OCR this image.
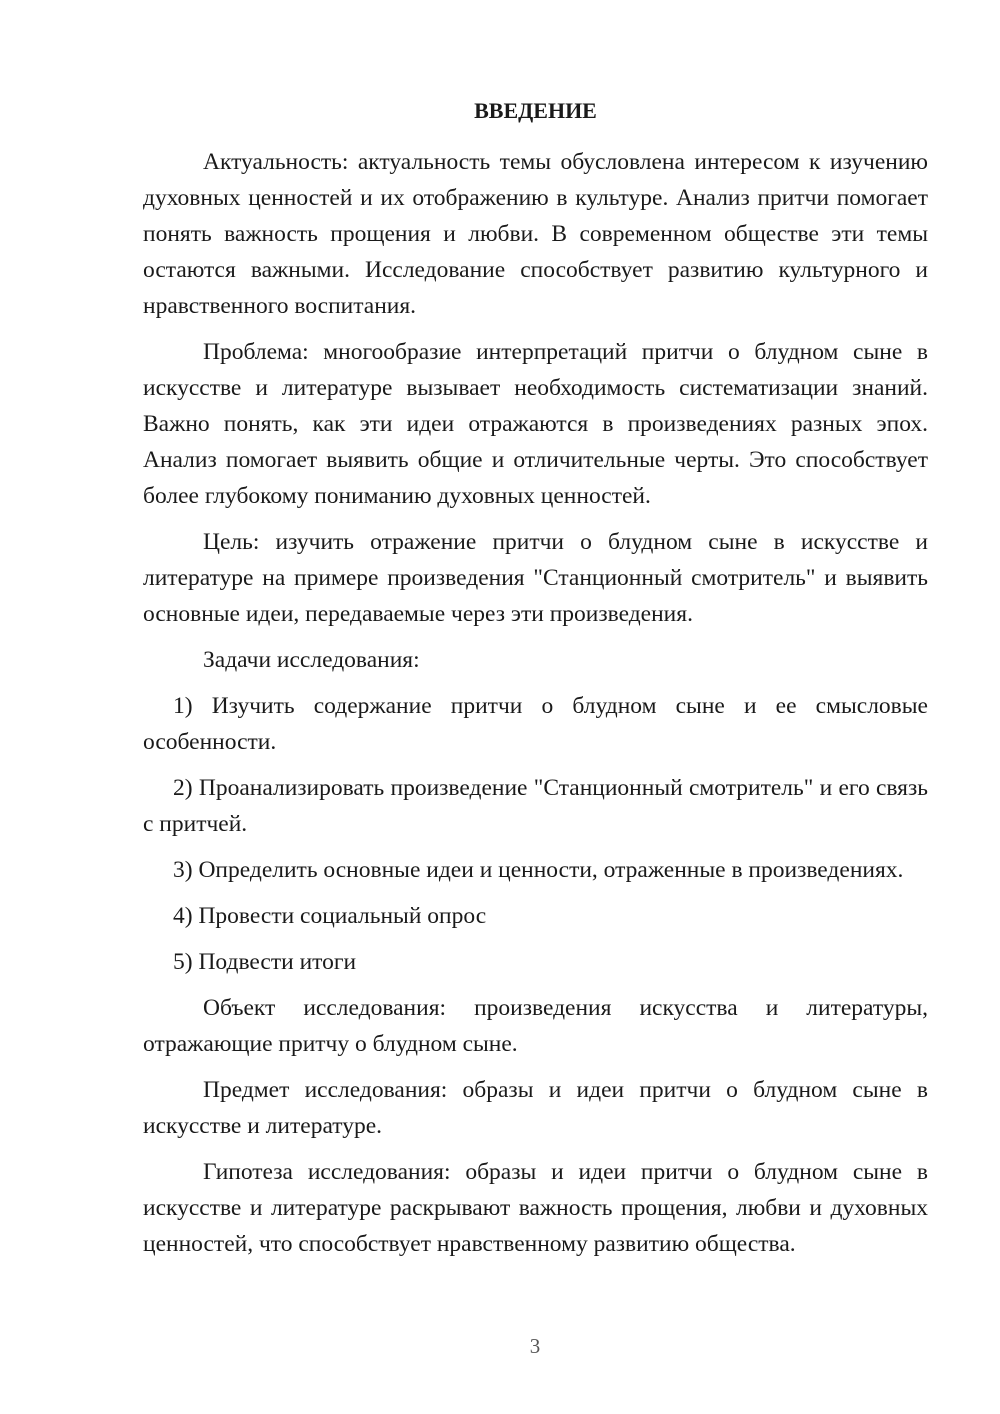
ВВЕДЕНИЕ

Актуальность: актуальность темы обусловлена интересом к изучению духовных ценностей и их отображению в культуре. Анализ притчи помогает понять важность прощения и любви. В современном обществе эти темы остаются важными. Исследование способствует развитию культурного и нравственного воспитания.

Проблема: многообразие интерпретаций притчи о блудном сыне в искусстве и литературе вызывает необходимость систематизации знаний. Важно понять, как эти идеи отражаются в произведениях разных эпох. Анализ помогает выявить общие и отличительные черты. Это способствует более глубокому пониманию духовных ценностей.

Цель: изучить отражение притчи о блудном сыне в искусстве и литературе на примере произведения "Станционный смотритель" и выявить основные идеи, передаваемые через эти произведения.

Задачи исследования:

1) Изучить содержание притчи о блудном сыне и ее смысловые особенности.

2) Проанализировать произведение "Станционный смотритель" и его связь с притчей.

3) Определить основные идеи и ценности, отраженные в произведениях.

4) Провести социальный опрос

5) Подвести итоги

Объект исследования: произведения искусства и литературы, отражающие притчу о блудном сыне.

Предмет исследования: образы и идеи притчи о блудном сыне в искусстве и литературе.

Гипотеза исследования: образы и идеи притчи о блудном сыне в искусстве и литературе раскрывают важность прощения, любви и духовных ценностей, что способствует нравственному развитию общества.

3
